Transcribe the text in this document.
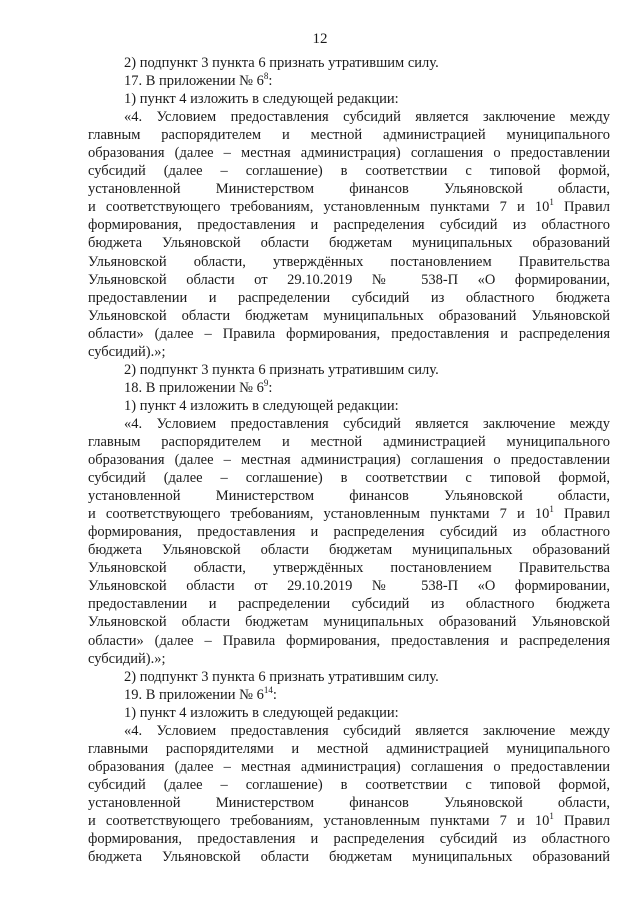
12
2) подпункт 3 пункта 6 признать утратившим силу.
17. В приложении № $6^8$:
1) пункт 4 изложить в следующей редакции:
«4. Условием предоставления субсидий является заключение между
главным распорядителем и местной администрацией муниципального
образования (далее – местная администрация) соглашения о предоставлении
субсидий (далее – соглашение) в соответствии с типовой формой,
установленной Министерством финансов Ульяновской области,
и соответствующего требованиям, установленным пунктами 7 и $10^1$ Правил
формирования, предоставления и распределения субсидий из областного
бюджета Ульяновской области бюджетам муниципальных образований
Ульяновской области, утверждённых постановлением Правительства
Ульяновской области от 29.10.2019 № 538-П «О формировании,
предоставлении и распределении субсидий из областного бюджета
Ульяновской области бюджетам муниципальных образований Ульяновской
области» (далее – Правила формирования, предоставления и распределения
субсидий).»;
2) подпункт 3 пункта 6 признать утратившим силу.
18. В приложении № $6^9$:
1) пункт 4 изложить в следующей редакции:
«4. Условием предоставления субсидий является заключение между
главным распорядителем и местной администрацией муниципального
образования (далее – местная администрация) соглашения о предоставлении
субсидий (далее – соглашение) в соответствии с типовой формой,
установленной Министерством финансов Ульяновской области,
и соответствующего требованиям, установленным пунктами 7 и $10^1$ Правил
формирования, предоставления и распределения субсидий из областного
бюджета Ульяновской области бюджетам муниципальных образований
Ульяновской области, утверждённых постановлением Правительства
Ульяновской области от 29.10.2019 № 538-П «О формировании,
предоставлении и распределении субсидий из областного бюджета
Ульяновской области бюджетам муниципальных образований Ульяновской
области» (далее – Правила формирования, предоставления и распределения
субсидий).»;
2) подпункт 3 пункта 6 признать утратившим силу.
19. В приложении № $6^{14}$:
1) пункт 4 изложить в следующей редакции:
«4. Условием предоставления субсидий является заключение между
главными распорядителями и местной администрацией муниципального
образования (далее – местная администрация) соглашения о предоставлении
субсидий (далее – соглашение) в соответствии с типовой формой,
установленной Министерством финансов Ульяновской области,
и соответствующего требованиям, установленным пунктами 7 и $10^1$ Правил
формирования, предоставления и распределения субсидий из областного
бюджета Ульяновской области бюджетам муниципальных образований
